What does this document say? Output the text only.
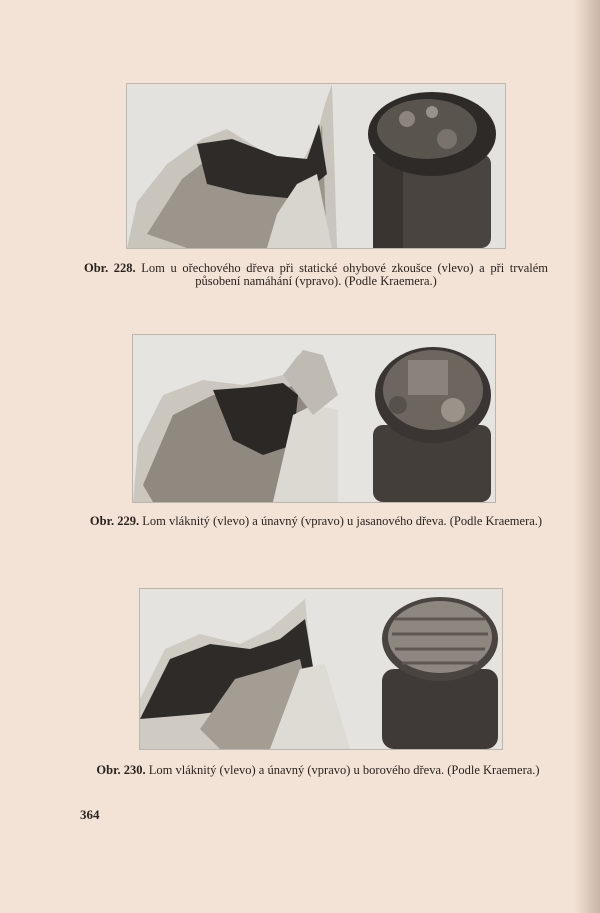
Obr. 228. Lom u ořechového dřeva při statické ohybové zkoušce (vlevo) a při trvalém působení namáhání (vpravo). (Podle Kraemera.)
Obr. 229. Lom vláknitý (vlevo) a únavný (vpravo) u jasanového dřeva. (Podle Kraemera.)
Obr. 230. Lom vláknitý (vlevo) a únavný (vpravo) u borového dřeva. (Podle Kraemera.)
364
